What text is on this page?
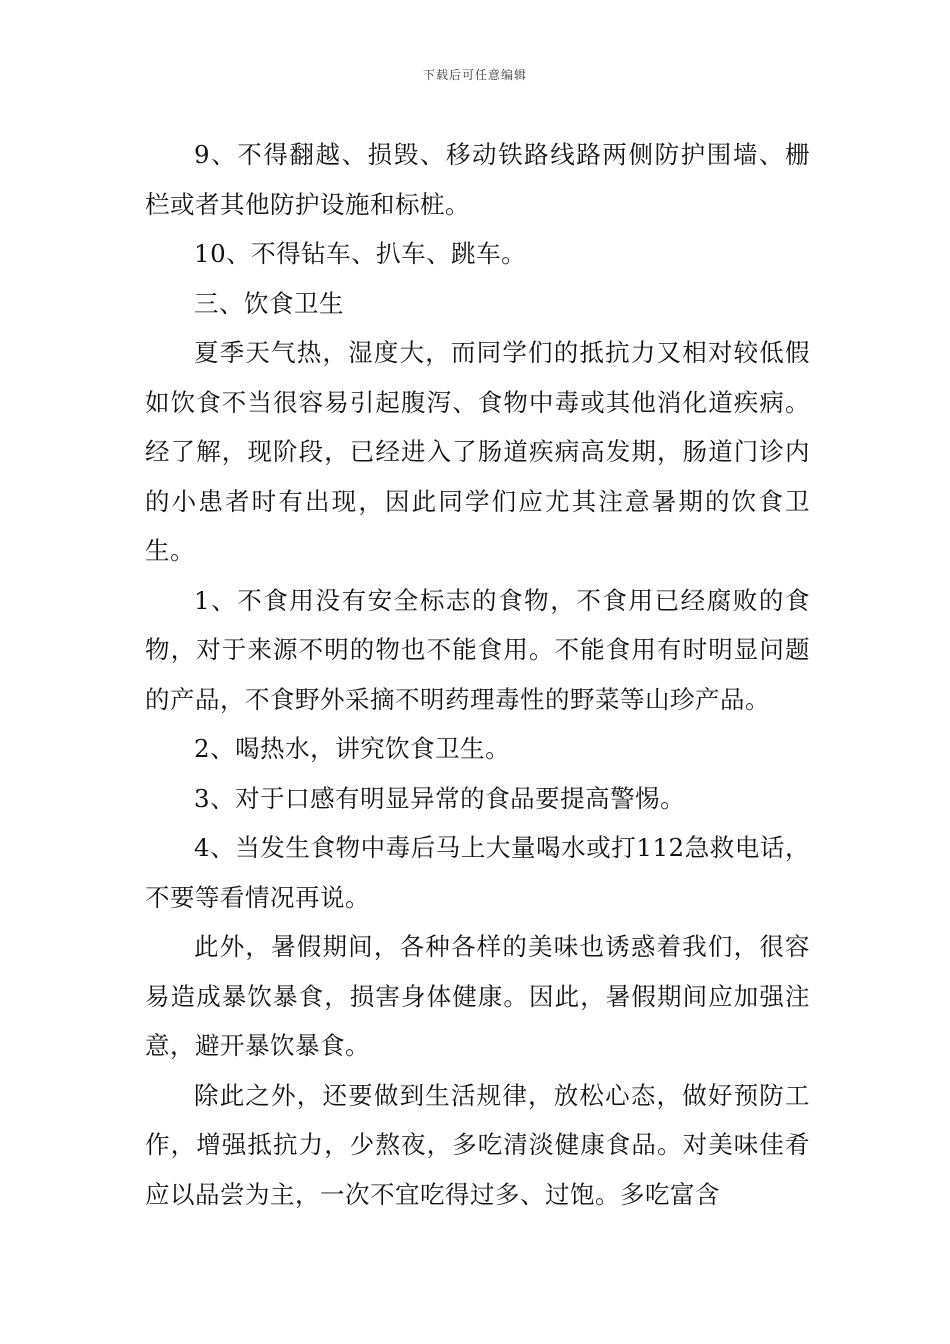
下载后可任意编辑

9、不得翻越、损毁、移动铁路线路两侧防护围墙、栅栏或者其他防护设施和标桩。

10、不得钻车、扒车、跳车。

三、饮食卫生

夏季天气热，湿度大，而同学们的抵抗力又相对较低假如饮食不当很容易引起腹泻、食物中毒或其他消化道疾病。经了解，现阶段，已经进入了肠道疾病高发期，肠道门诊内的小患者时有出现，因此同学们应尤其注意暑期的饮食卫生。

1、不食用没有安全标志的食物，不食用已经腐败的食物，对于来源不明的物也不能食用。不能食用有时明显问题的产品，不食野外采摘不明药理毒性的野菜等山珍产品。

2、喝热水，讲究饮食卫生。

3、对于口感有明显异常的食品要提高警惕。

4、当发生食物中毒后马上大量喝水或打112急救电话，不要等看情况再说。

此外，暑假期间，各种各样的美味也诱惑着我们，很容易造成暴饮暴食，损害身体健康。因此，暑假期间应加强注意，避开暴饮暴食。

除此之外，还要做到生活规律，放松心态，做好预防工作，增强抵抗力，少熬夜，多吃清淡健康食品。对美味佳肴应以品尝为主，一次不宜吃得过多、过饱。多吃富含
